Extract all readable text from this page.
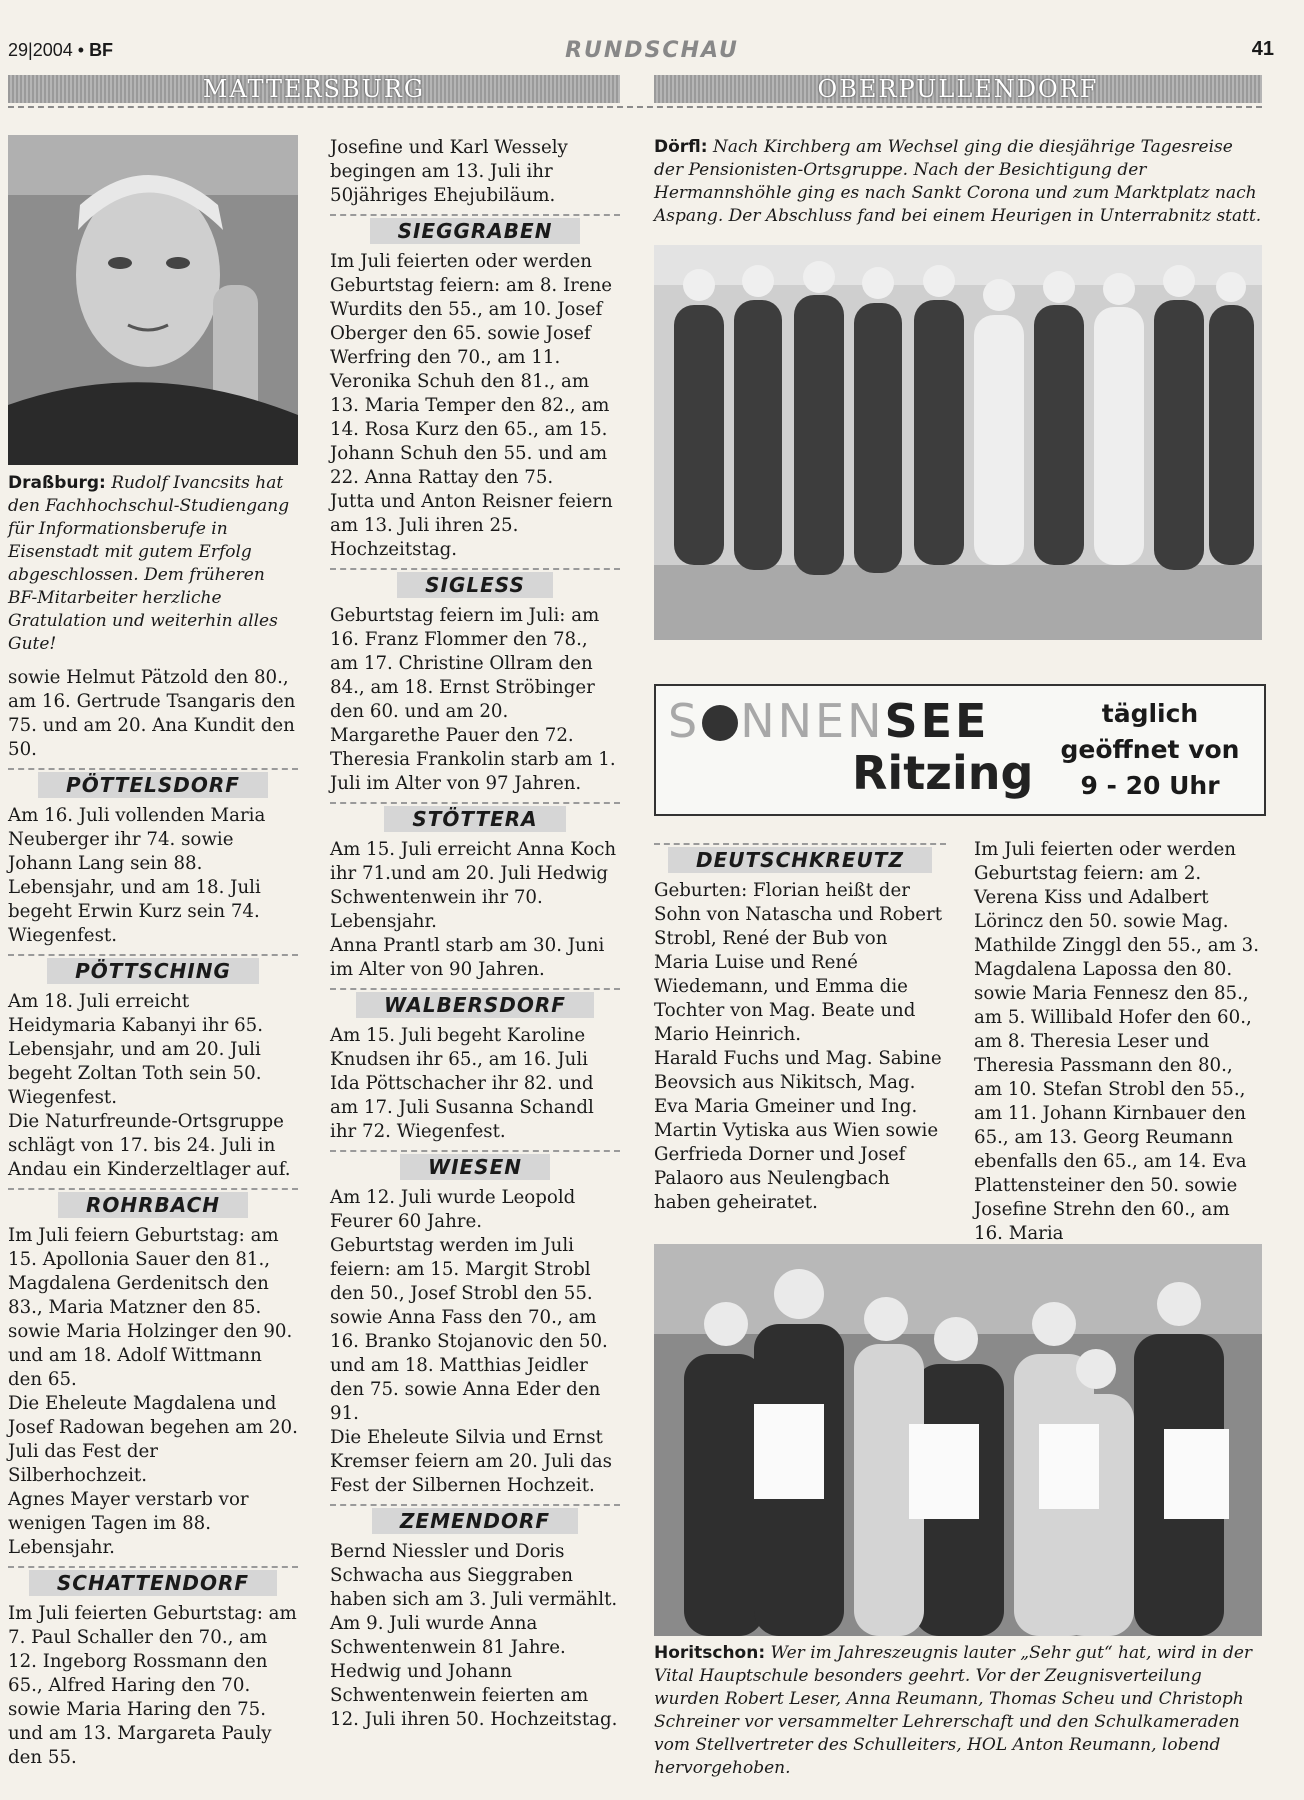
29|2004 • BF	RUNDSCHAU	41
MATTERSBURG	OBERPULLENDORF
Draßburg: Rudolf Ivancsits hat den Fachhochschul-Studiengang für Informationsberufe in Eisenstadt mit gutem Erfolg abgeschlossen. Dem früheren BF-Mitarbeiter herzliche Gratulation und weiterhin alles Gute!

sowie Helmut Pätzold den 80., am 16. Gertrude Tsangaris den 75. und am 20. Ana Kundit den 50.

PÖTTELSDORF

Am 16. Juli vollenden Maria Neuberger ihr 74. sowie Johann Lang sein 88. Lebensjahr, und am 18. Juli begeht Erwin Kurz sein 74. Wiegenfest.

PÖTTSCHING

Am 18. Juli erreicht Heidymaria Kabanyi ihr 65. Lebensjahr, und am 20. Juli begeht Zoltan Toth sein 50. Wiegenfest.

Die Naturfreunde-Ortsgruppe schlägt von 17. bis 24. Juli in Andau ein Kinderzeltlager auf.

ROHRBACH

Im Juli feiern Geburtstag: am 15. Apollonia Sauer den 81., Magdalena Gerdenitsch den 83., Maria Matzner den 85. sowie Maria Holzinger den 90. und am 18. Adolf Wittmann den 65.

Die Eheleute Magdalena und Josef Radowan begehen am 20. Juli das Fest der Silberhochzeit.

Agnes Mayer verstarb vor wenigen Tagen im 88. Lebensjahr.

SCHATTENDORF

Im Juli feierten Geburtstag: am 7. Paul Schaller den 70., am 12. Ingeborg Rossmann den 65., Alfred Haring den 70. sowie Maria Haring den 75. und am 13. Margareta Pauly den 55.

Josefine und Karl Wessely begingen am 13. Juli ihr 50jähriges Ehejubiläum.

SIEGGRABEN

Im Juli feierten oder werden Geburtstag feiern: am 8. Irene Wurdits den 55., am 10. Josef Oberger den 65. sowie Josef Werfring den 70., am 11. Veronika Schuh den 81., am 13. Maria Temper den 82., am 14. Rosa Kurz den 65., am 15. Johann Schuh den 55. und am 22. Anna Rattay den 75.

Jutta und Anton Reisner feiern am 13. Juli ihren 25. Hochzeitstag.

SIGLESS

Geburtstag feiern im Juli: am 16. Franz Flommer den 78., am 17. Christine Ollram den 84., am 18. Ernst Ströbinger den 60. und am 20. Margarethe Pauer den 72.

Theresia Frankolin starb am 1. Juli im Alter von 97 Jahren.

STÖTTERA

Am 15. Juli erreicht Anna Koch ihr 71.und am 20. Juli Hedwig Schwentenwein ihr 70. Lebensjahr.

Anna Prantl starb am 30. Juni im Alter von 90 Jahren.

WALBERSDORF

Am 15. Juli begeht Karoline Knudsen ihr 65., am 16. Juli Ida Pöttschacher ihr 82. und am 17. Juli Susanna Schandl ihr 72. Wiegenfest.

WIESEN

Am 12. Juli wurde Leopold Feurer 60 Jahre.

Geburtstag werden im Juli feiern: am 15. Margit Strobl den 50., Josef Strobl den 55. sowie Anna Fass den 70., am 16. Branko Stojanovic den 50. und am 18. Matthias Jeidler den 75. sowie Anna Eder den 91.

Die Eheleute Silvia und Ernst Kremser feiern am 20. Juli das Fest der Silbernen Hochzeit.

ZEMENDORF

Bernd Niessler und Doris Schwacha aus Sieggraben haben sich am 3. Juli vermählt.

Am 9. Juli wurde Anna Schwentenwein 81 Jahre.

Hedwig und Johann Schwentenwein feierten am 12. Juli ihren 50. Hochzeitstag.

Dörfl: Nach Kirchberg am Wechsel ging die diesjährige Tagesreise der Pensionisten-Ortsgruppe. Nach der Besichtigung der Hermannshöhle ging es nach Sankt Corona und zum Marktplatz nach Aspang. Der Abschluss fand bei einem Heurigen in Unterrabnitz statt.
S NNENSEE
Ritzing
täglich
geöffnet von
9 - 20 Uhr
DEUTSCHKREUTZ

Geburten: Florian heißt der Sohn von Natascha und Robert Strobl, René der Bub von Maria Luise und René Wiedemann, und Emma die Tochter von Mag. Beate und Mario Heinrich.

Harald Fuchs und Mag. Sabine Beovsich aus Nikitsch, Mag. Eva Maria Gmeiner und Ing. Martin Vytiska aus Wien sowie Gerfrieda Dorner und Josef Palaoro aus Neulengbach haben geheiratet.

Im Juli feierten oder werden Geburtstag feiern: am 2. Verena Kiss und Adalbert Lörincz den 50. sowie Mag. Mathilde Zinggl den 55., am 3. Magdalena Lapossa den 80. sowie Maria Fennesz den 85., am 5. Willibald Hofer den 60., am 8. Theresia Leser und Theresia Passmann den 80., am 10. Stefan Strobl den 55., am 11. Johann Kirnbauer den 65., am 13. Georg Reumann ebenfalls den 65., am 14. Eva Plattensteiner den 50. sowie Josefine Strehn den 60., am 16. Maria

Horitschon: Wer im Jahreszeugnis lauter „Sehr gut“ hat, wird in der Vital Hauptschule besonders geehrt. Vor der Zeugnisverteilung wurden Robert Leser, Anna Reumann, Thomas Scheu und Christoph Schreiner vor versammelter Lehrerschaft und den Schulkameraden vom Stellvertreter des Schulleiters, HOL Anton Reumann, lobend hervorgehoben.
